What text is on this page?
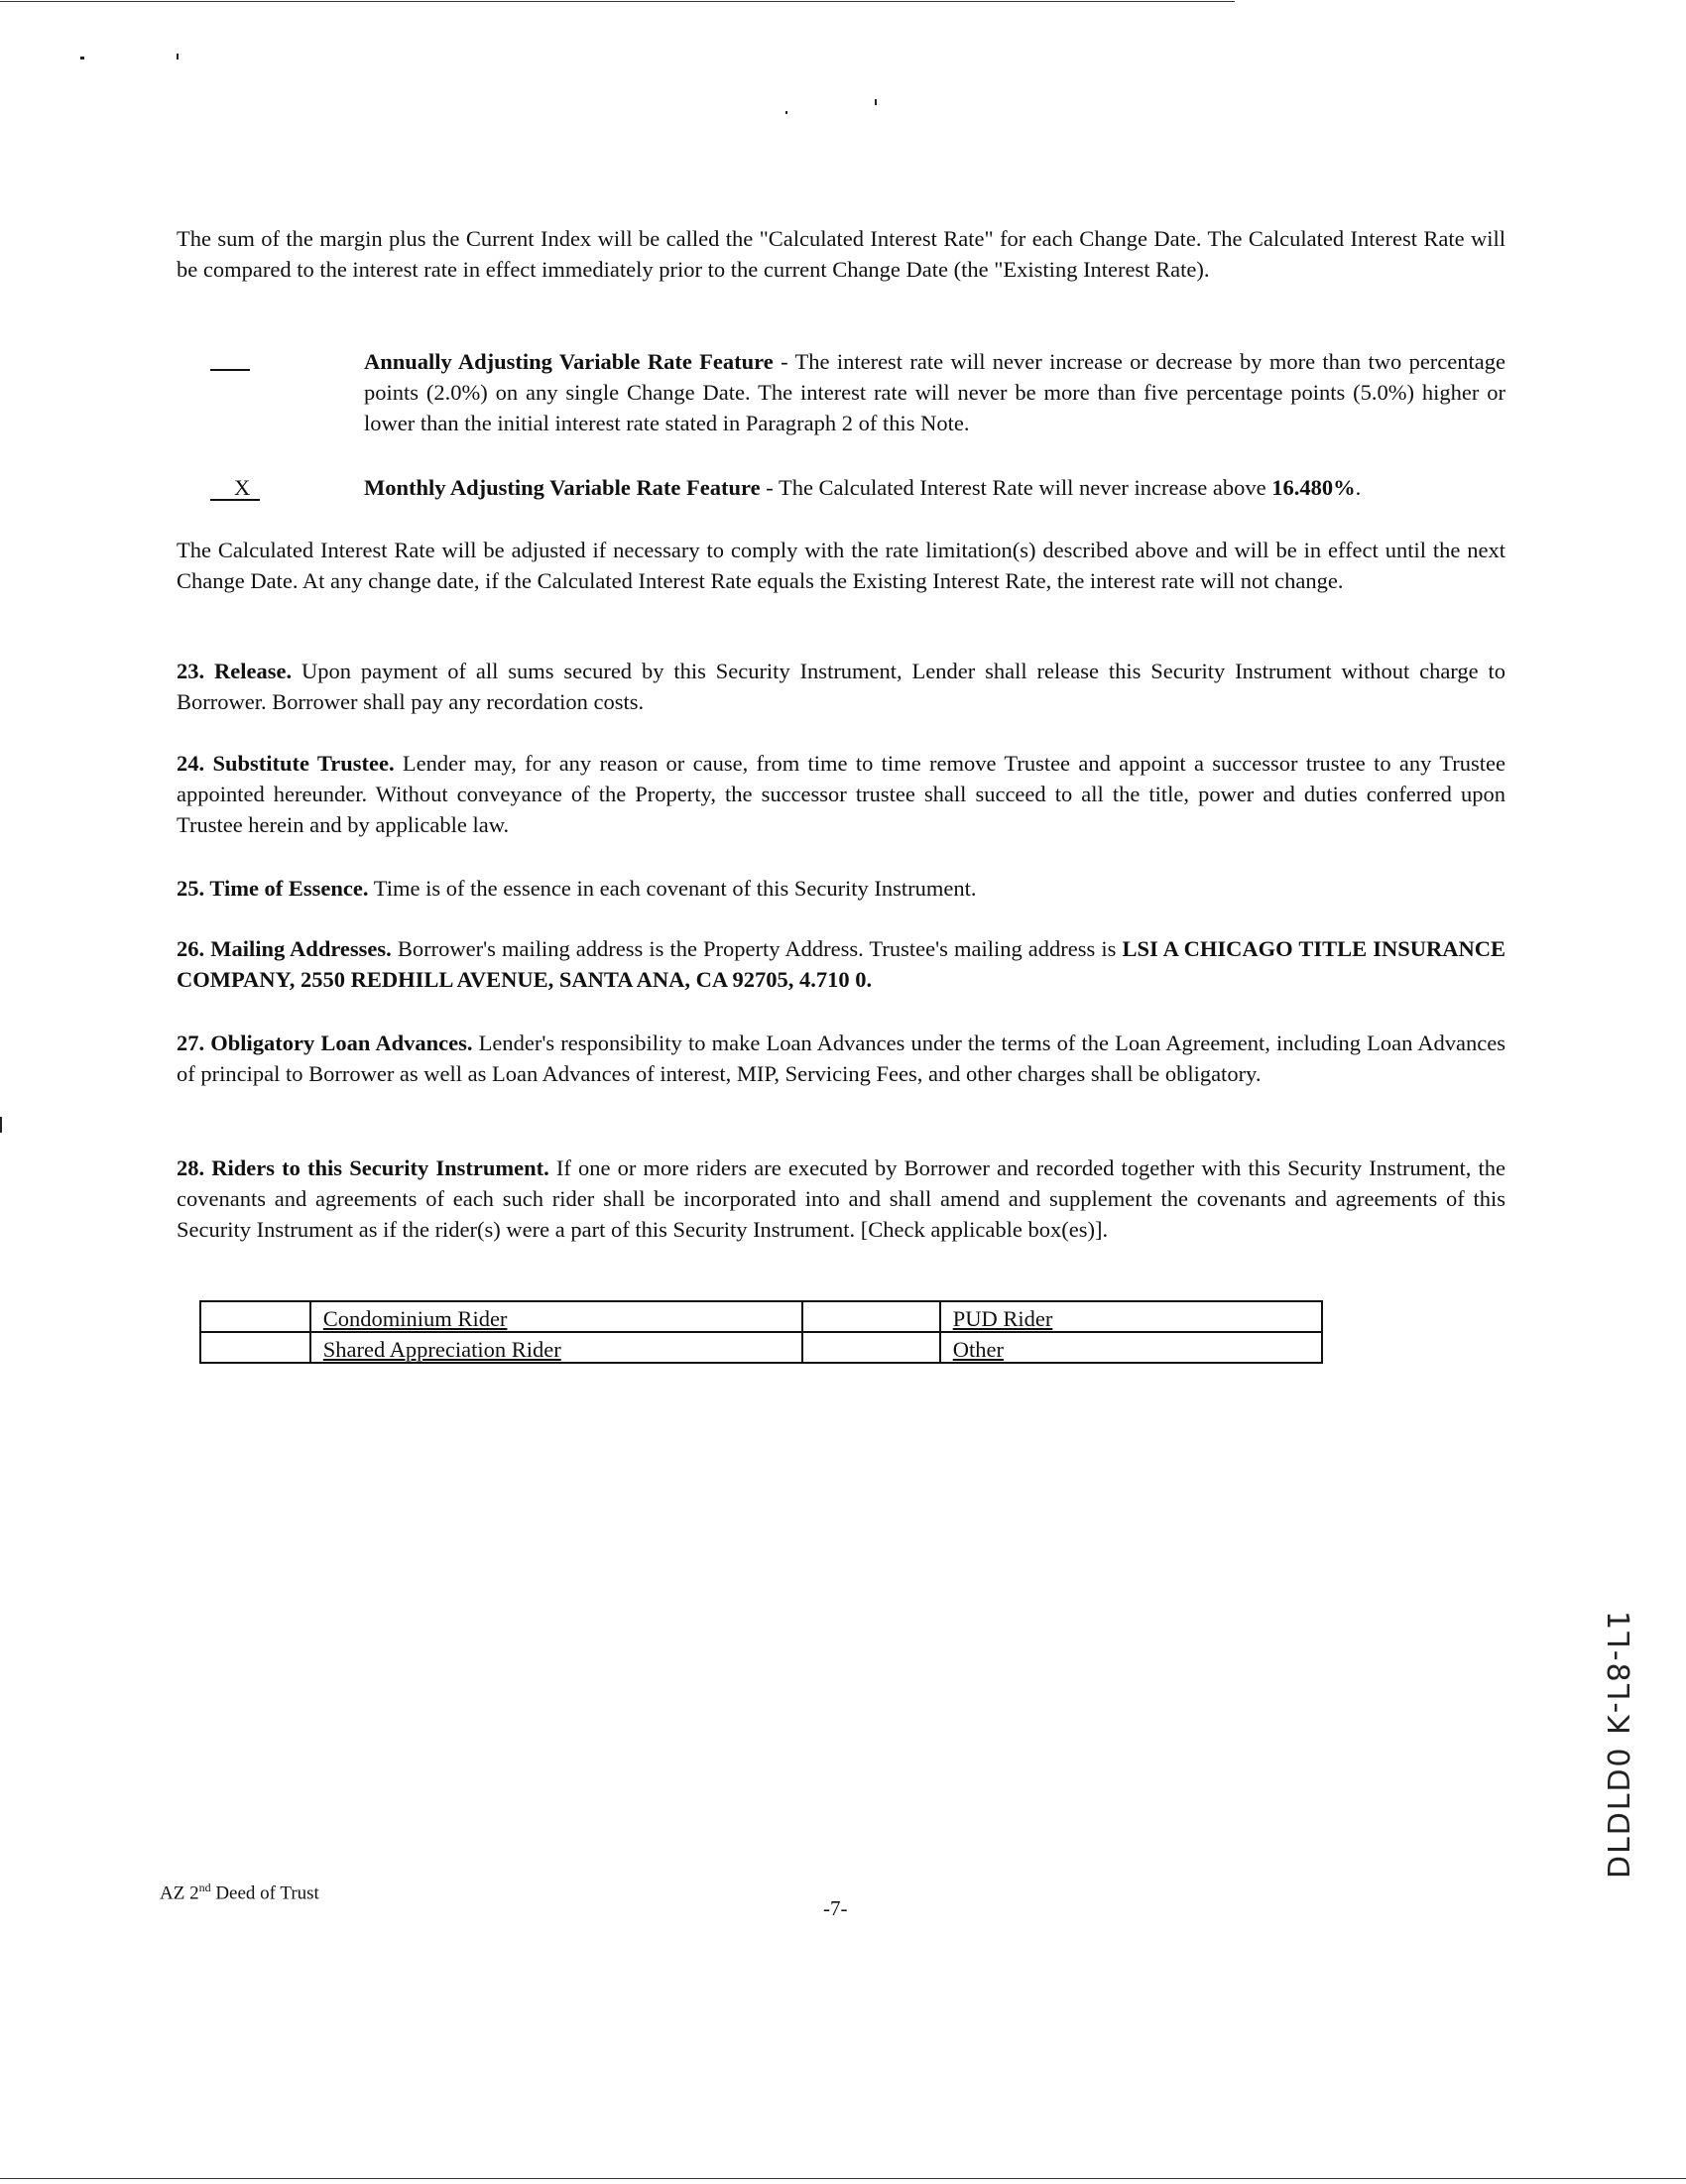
The sum of the margin plus the Current Index will be called the "Calculated Interest Rate" for each Change Date. The Calculated Interest Rate will be compared to the interest rate in effect immediately prior to the current Change Date (the "Existing Interest Rate).

Annually Adjusting Variable Rate Feature - The interest rate will never increase or decrease by more than two percentage points (2.0%) on any single Change Date. The interest rate will never be more than five percentage points (5.0%) higher or lower than the initial interest rate stated in Paragraph 2 of this Note.

X	Monthly Adjusting Variable Rate Feature - The Calculated Interest Rate will never increase above 16.480%.

The Calculated Interest Rate will be adjusted if necessary to comply with the rate limitation(s) described above and will be in effect until the next Change Date. At any change date, if the Calculated Interest Rate equals the Existing Interest Rate, the interest rate will not change.

23. Release. Upon payment of all sums secured by this Security Instrument, Lender shall release this Security Instrument without charge to Borrower. Borrower shall pay any recordation costs.

24. Substitute Trustee. Lender may, for any reason or cause, from time to time remove Trustee and appoint a successor trustee to any Trustee appointed hereunder. Without conveyance of the Property, the successor trustee shall succeed to all the title, power and duties conferred upon Trustee herein and by applicable law.

25. Time of Essence. Time is of the essence in each covenant of this Security Instrument.

26. Mailing Addresses. Borrower's mailing address is the Property Address. Trustee's mailing address is LSI A CHICAGO TITLE INSURANCE COMPANY, 2550 REDHILL AVENUE, SANTA ANA, CA 92705, 4.710 0.

27. Obligatory Loan Advances. Lender's responsibility to make Loan Advances under the terms of the Loan Agreement, including Loan Advances of principal to Borrower as well as Loan Advances of interest, MIP, Servicing Fees, and other charges shall be obligatory.

28. Riders to this Security Instrument. If one or more riders are executed by Borrower and recorded together with this Security Instrument, the covenants and agreements of each such rider shall be incorporated into and shall amend and supplement the covenants and agreements of this Security Instrument as if the rider(s) were a part of this Security Instrument. [Check applicable box(es)].

	Condominium Rider		PUD Rider
	Shared Appreciation Rider		Other
AZ 2nd Deed of Trust
-7-
1ꓶ-8ꓶ-ꓘ 0ꓷꓶꓷꓶꓷ
